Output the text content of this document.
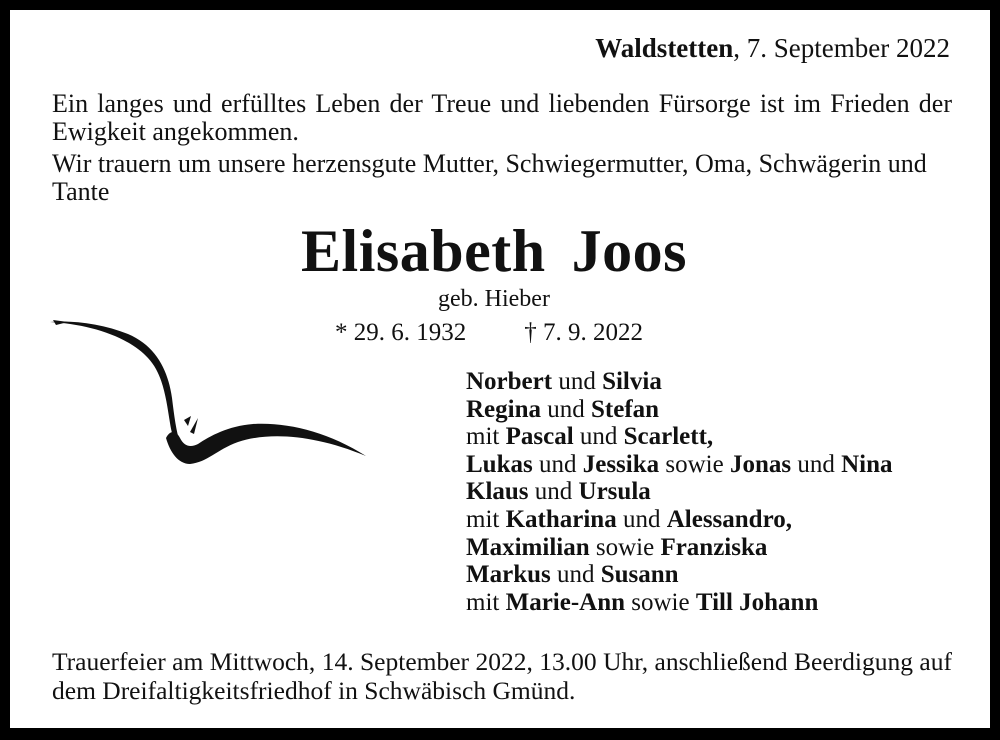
Waldstetten, 7. September 2022
Ein langes und erfülltes Leben der Treue und liebenden Fürsorge ist im Frieden der Ewigkeit angekommen.
Wir trauern um unsere herzensgute Mutter, Schwiegermutter, Oma, Schwägerin und Tante
Elisabeth Joos
geb. Hieber
* 29. 6. 1932 † 7. 9. 2022
Norbert und Silvia
Regina und Stefan
mit Pascal und Scarlett,
Lukas und Jessika sowie Jonas und Nina
Klaus und Ursula
mit Katharina und Alessandro,
Maximilian sowie Franziska
Markus und Susann
mit Marie-Ann sowie Till Johann
Trauerfeier am Mittwoch, 14. September 2022, 13.00 Uhr, anschließend Beerdigung auf dem Dreifaltigkeitsfriedhof in Schwäbisch Gmünd.
